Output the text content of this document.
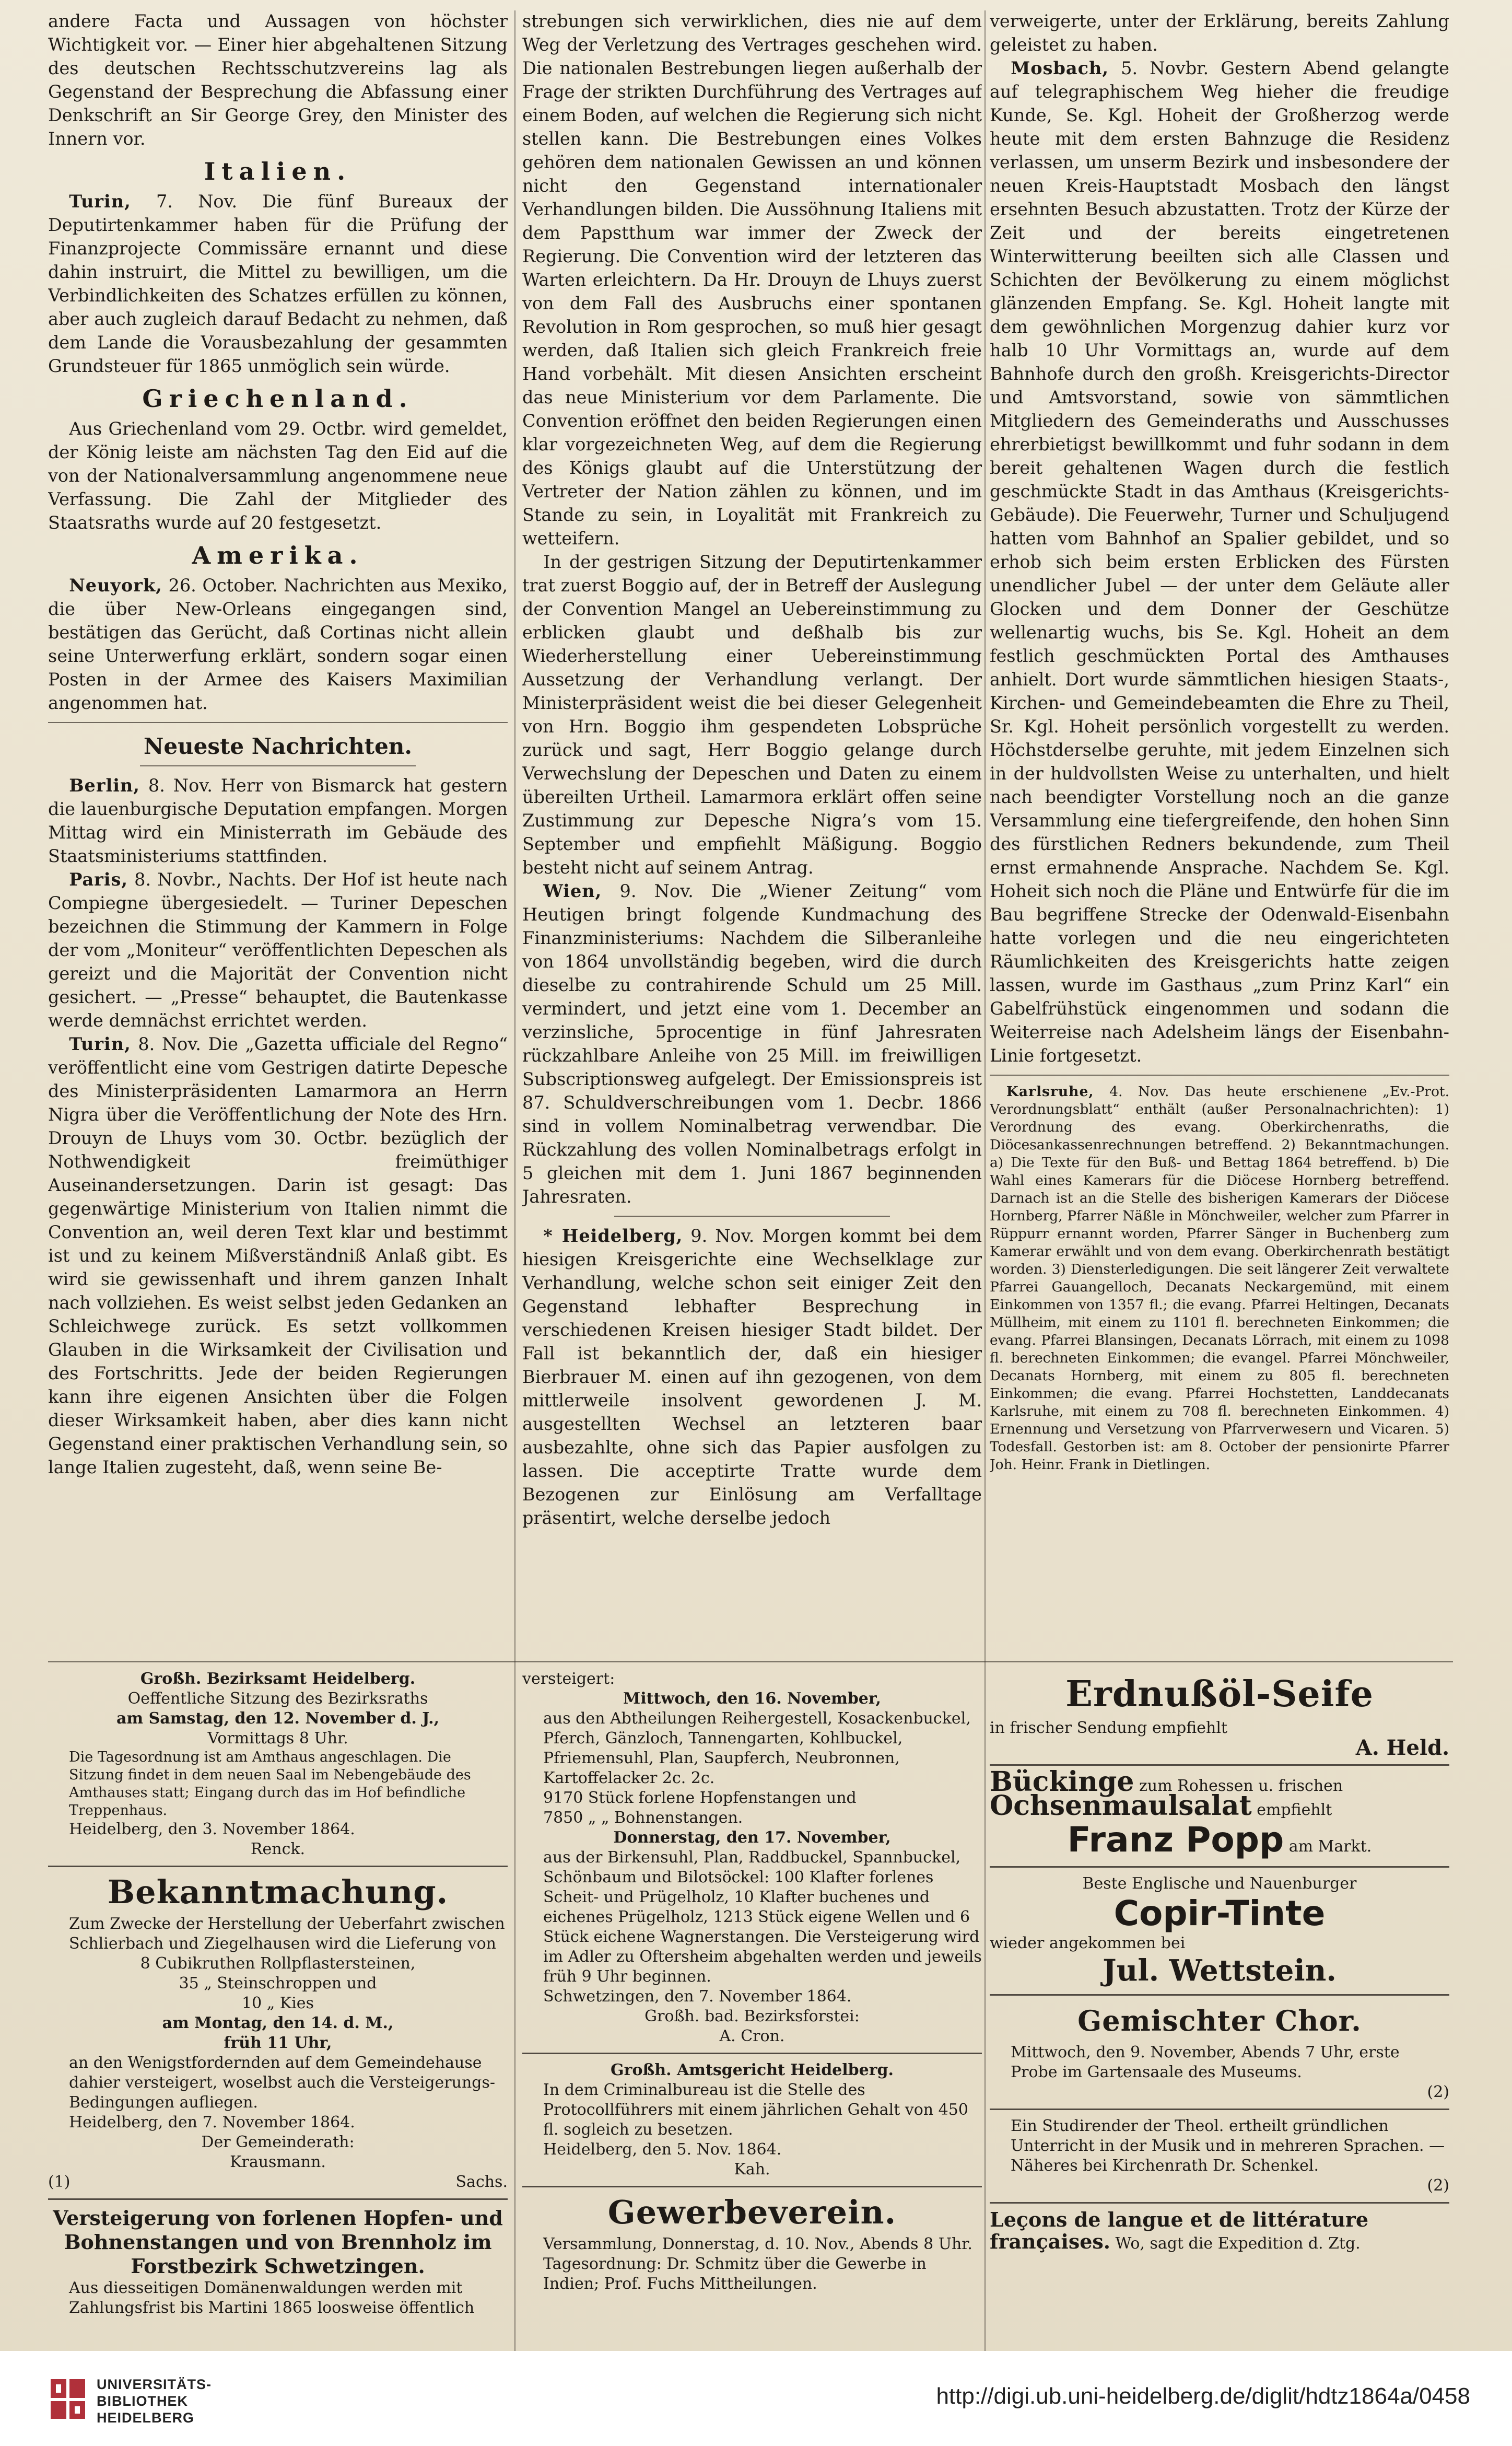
andere Facta und Aussagen von höchster Wichtigkeit vor. — Einer hier abgehaltenen Sitzung des deutschen Rechtsschutzvereins lag als Gegenstand der Besprechung die Abfassung einer Denkschrift an Sir George Grey, den Minister des Innern vor.

Italien.

Turin, 7. Nov. Die fünf Bureaux der Deputirtenkammer haben für die Prüfung der Finanzprojecte Commissäre ernannt und diese dahin instruirt, die Mittel zu bewilligen, um die Verbindlichkeiten des Schatzes erfüllen zu können, aber auch zugleich darauf Bedacht zu nehmen, daß dem Lande die Vorausbezahlung der gesammten Grundsteuer für 1865 unmöglich sein würde.

Griechenland.

Aus Griechenland vom 29. Octbr. wird gemeldet, der König leiste am nächsten Tag den Eid auf die von der Nationalversammlung angenommene neue Verfassung. Die Zahl der Mitglieder des Staatsraths wurde auf 20 festgesetzt.

Amerika.

Neuyork, 26. October. Nachrichten aus Mexiko, die über New-Orleans eingegangen sind, bestätigen das Gerücht, daß Cortinas nicht allein seine Unterwerfung erklärt, sondern sogar einen Posten in der Armee des Kaisers Maximilian angenommen hat.

Neueste Nachrichten.

Berlin, 8. Nov. Herr von Bismarck hat gestern die lauenburgische Deputation empfangen. Morgen Mittag wird ein Ministerrath im Gebäude des Staatsministeriums stattfinden.

Paris, 8. Novbr., Nachts. Der Hof ist heute nach Compiegne übergesiedelt. — Turiner Depeschen bezeichnen die Stimmung der Kammern in Folge der vom „Moniteur“ veröffentlichten Depeschen als gereizt und die Majorität der Convention nicht gesichert. — „Presse“ behauptet, die Bautenkasse werde demnächst errichtet werden.

Turin, 8. Nov. Die „Gazetta ufficiale del Regno“ veröffentlicht eine vom Gestrigen datirte Depesche des Ministerpräsidenten Lamarmora an Herrn Nigra über die Veröffentlichung der Note des Hrn. Drouyn de Lhuys vom 30. Octbr. bezüglich der Nothwendigkeit freimüthiger Auseinandersetzungen. Darin ist gesagt: Das gegenwärtige Ministerium von Italien nimmt die Convention an, weil deren Text klar und bestimmt ist und zu keinem Mißverständniß Anlaß gibt. Es wird sie gewissenhaft und ihrem ganzen Inhalt nach vollziehen. Es weist selbst jeden Gedanken an Schleichwege zurück. Es setzt vollkommen Glauben in die Wirksamkeit der Civilisation und des Fortschritts. Jede der beiden Regierungen kann ihre eigenen Ansichten über die Folgen dieser Wirksamkeit haben, aber dies kann nicht Gegenstand einer praktischen Verhandlung sein, so lange Italien zugesteht, daß, wenn seine Be-

strebungen sich verwirklichen, dies nie auf dem Weg der Verletzung des Vertrages geschehen wird. Die nationalen Bestrebungen liegen außerhalb der Frage der strikten Durchführung des Vertrages auf einem Boden, auf welchen die Regierung sich nicht stellen kann. Die Bestrebungen eines Volkes gehören dem nationalen Gewissen an und können nicht den Gegenstand internationaler Verhandlungen bilden. Die Aussöhnung Italiens mit dem Papstthum war immer der Zweck der Regierung. Die Convention wird der letzteren das Warten erleichtern. Da Hr. Drouyn de Lhuys zuerst von dem Fall des Ausbruchs einer spontanen Revolution in Rom gesprochen, so muß hier gesagt werden, daß Italien sich gleich Frankreich freie Hand vorbehält. Mit diesen Ansichten erscheint das neue Ministerium vor dem Parlamente. Die Convention eröffnet den beiden Regierungen einen klar vorgezeichneten Weg, auf dem die Regierung des Königs glaubt auf die Unterstützung der Vertreter der Nation zählen zu können, und im Stande zu sein, in Loyalität mit Frankreich zu wetteifern.

In der gestrigen Sitzung der Deputirtenkammer trat zuerst Boggio auf, der in Betreff der Auslegung der Convention Mangel an Uebereinstimmung zu erblicken glaubt und deßhalb bis zur Wiederherstellung einer Uebereinstimmung Aussetzung der Verhandlung verlangt. Der Ministerpräsident weist die bei dieser Gelegenheit von Hrn. Boggio ihm gespendeten Lobsprüche zurück und sagt, Herr Boggio gelange durch Verwechslung der Depeschen und Daten zu einem übereilten Urtheil. Lamarmora erklärt offen seine Zustimmung zur Depesche Nigra’s vom 15. September und empfiehlt Mäßigung. Boggio besteht nicht auf seinem Antrag.

Wien, 9. Nov. Die „Wiener Zeitung“ vom Heutigen bringt folgende Kundmachung des Finanzministeriums: Nachdem die Silberanleihe von 1864 unvollständig begeben, wird die durch dieselbe zu contrahirende Schuld um 25 Mill. vermindert, und jetzt eine vom 1. December an verzinsliche, 5procentige in fünf Jahresraten rückzahlbare Anleihe von 25 Mill. im freiwilligen Subscriptionsweg aufgelegt. Der Emissionspreis ist 87. Schuldverschreibungen vom 1. Decbr. 1866 sind in vollem Nominalbetrag verwendbar. Die Rückzahlung des vollen Nominalbetrags erfolgt in 5 gleichen mit dem 1. Juni 1867 beginnenden Jahresraten.

* Heidelberg, 9. Nov. Morgen kommt bei dem hiesigen Kreisgerichte eine Wechselklage zur Verhandlung, welche schon seit einiger Zeit den Gegenstand lebhafter Besprechung in verschiedenen Kreisen hiesiger Stadt bildet. Der Fall ist bekanntlich der, daß ein hiesiger Bierbrauer M. einen auf ihn gezogenen, von dem mittlerweile insolvent gewordenen J. M. ausgestellten Wechsel an letzteren baar ausbezahlte, ohne sich das Papier ausfolgen zu lassen. Die acceptirte Tratte wurde dem Bezogenen zur Einlösung am Verfalltage präsentirt, welche derselbe jedoch

verweigerte, unter der Erklärung, bereits Zahlung geleistet zu haben.

Mosbach, 5. Novbr. Gestern Abend gelangte auf telegraphischem Weg hieher die freudige Kunde, Se. Kgl. Hoheit der Großherzog werde heute mit dem ersten Bahnzuge die Residenz verlassen, um unserm Bezirk und insbesondere der neuen Kreis-Hauptstadt Mosbach den längst ersehnten Besuch abzustatten. Trotz der Kürze der Zeit und der bereits eingetretenen Winterwitterung beeilten sich alle Classen und Schichten der Bevölkerung zu einem möglichst glänzenden Empfang. Se. Kgl. Hoheit langte mit dem gewöhnlichen Morgenzug dahier kurz vor halb 10 Uhr Vormittags an, wurde auf dem Bahnhofe durch den großh. Kreisgerichts-Director und Amtsvorstand, sowie von sämmtlichen Mitgliedern des Gemeinderaths und Ausschusses ehrerbietigst bewillkommt und fuhr sodann in dem bereit gehaltenen Wagen durch die festlich geschmückte Stadt in das Amthaus (Kreisgerichts-Gebäude). Die Feuerwehr, Turner und Schuljugend hatten vom Bahnhof an Spalier gebildet, und so erhob sich beim ersten Erblicken des Fürsten unendlicher Jubel — der unter dem Geläute aller Glocken und dem Donner der Geschütze wellenartig wuchs, bis Se. Kgl. Hoheit an dem festlich geschmückten Portal des Amthauses anhielt. Dort wurde sämmtlichen hiesigen Staats-, Kirchen- und Gemeindebeamten die Ehre zu Theil, Sr. Kgl. Hoheit persönlich vorgestellt zu werden. Höchstderselbe geruhte, mit jedem Einzelnen sich in der huldvollsten Weise zu unterhalten, und hielt nach beendigter Vorstellung noch an die ganze Versammlung eine tiefergreifende, den hohen Sinn des fürstlichen Redners bekundende, zum Theil ernst ermahnende Ansprache. Nachdem Se. Kgl. Hoheit sich noch die Pläne und Entwürfe für die im Bau begriffene Strecke der Odenwald-Eisenbahn hatte vorlegen und die neu eingerichteten Räumlichkeiten des Kreisgerichts hatte zeigen lassen, wurde im Gasthaus „zum Prinz Karl“ ein Gabelfrühstück eingenommen und sodann die Weiterreise nach Adelsheim längs der Eisenbahn-Linie fortgesetzt.

Karlsruhe, 4. Nov. Das heute erschienene „Ev.-Prot. Verordnungsblatt“ enthält (außer Personalnachrichten): 1) Verordnung des evang. Oberkirchenraths, die Diöcesankassenrechnungen betreffend. 2) Bekanntmachungen. a) Die Texte für den Buß- und Bettag 1864 betreffend. b) Die Wahl eines Kamerars für die Diöcese Hornberg betreffend. Darnach ist an die Stelle des bisherigen Kamerars der Diöcese Hornberg, Pfarrer Näßle in Mönchweiler, welcher zum Pfarrer in Rüppurr ernannt worden, Pfarrer Sänger in Buchenberg zum Kamerar erwählt und von dem evang. Oberkirchenrath bestätigt worden. 3) Diensterledigungen. Die seit längerer Zeit verwaltete Pfarrei Gauangelloch, Decanats Neckargemünd, mit einem Einkommen von 1357 fl.; die evang. Pfarrei Heltingen, Decanats Müllheim, mit einem zu 1101 fl. berechneten Einkommen; die evang. Pfarrei Blansingen, Decanats Lörrach, mit einem zu 1098 fl. berechneten Einkommen; die evangel. Pfarrei Mönchweiler, Decanats Hornberg, mit einem zu 805 fl. berechneten Einkommen; die evang. Pfarrei Hochstetten, Landdecanats Karlsruhe, mit einem zu 708 fl. berechneten Einkommen. 4) Ernennung und Versetzung von Pfarrverwesern und Vicaren. 5) Todesfall. Gestorben ist: am 8. October der pensionirte Pfarrer Joh. Heinr. Frank in Dietlingen.

Großh. Bezirksamt Heidelberg.
Oeffentliche Sitzung des Bezirksraths
am Samstag, den 12. November d. J.,
Vormittags 8 Uhr.
Die Tagesordnung ist am Amthaus angeschlagen. Die Sitzung findet in dem neuen Saal im Nebengebäude des Amthauses statt; Eingang durch das im Hof befindliche Treppenhaus.
Heidelberg, den 3. November 1864.
Renck.
Bekanntmachung.
Zum Zwecke der Herstellung der Ueberfahrt zwischen Schlierbach und Ziegelhausen wird die Lieferung von
8 Cubikruthen Rollpflastersteinen,
35 „ Steinschroppen und
10 „ Kies
am Montag, den 14. d. M.,
früh 11 Uhr,
an den Wenigstfordernden auf dem Gemeindehause dahier versteigert, woselbst auch die Versteigerungs-Bedingungen aufliegen.
Heidelberg, den 7. November 1864.
Der Gemeinderath:
Krausmann.
(1)	Sachs.
Versteigerung von forlenen Hopfen- und Bohnenstangen und von Brennholz im Forstbezirk Schwetzingen.
Aus diesseitigen Domänenwaldungen werden mit Zahlungsfrist bis Martini 1865 loosweise öffentlich
versteigert:
Mittwoch, den 16. November,
aus den Abtheilungen Reihergestell, Kosackenbuckel, Pferch, Gänzloch, Tannengarten, Kohlbuckel, Pfriemensuhl, Plan, Saupferch, Neubronnen, Kartoffelacker 2c. 2c.
9170 Stück forlene Hopfenstangen und
7850 „ „ Bohnenstangen.
Donnerstag, den 17. November,
aus der Birkensuhl, Plan, Raddbuckel, Spannbuckel, Schönbaum und Bilotsöckel: 100 Klafter forlenes Scheit- und Prügelholz, 10 Klafter buchenes und eichenes Prügelholz, 1213 Stück eigene Wellen und 6 Stück eichene Wagnerstangen. Die Versteigerung wird im Adler zu Oftersheim abgehalten werden und jeweils früh 9 Uhr beginnen.
Schwetzingen, den 7. November 1864.
Großh. bad. Bezirksforstei:
A. Cron.
Großh. Amtsgericht Heidelberg.
In dem Criminalbureau ist die Stelle des Protocollführers mit einem jährlichen Gehalt von 450 fl. sogleich zu besetzen.
Heidelberg, den 5. Nov. 1864.
Kah.
Gewerbeverein.
Versammlung, Donnerstag, d. 10. Nov., Abends 8 Uhr. Tagesordnung: Dr. Schmitz über die Gewerbe in Indien; Prof. Fuchs Mittheilungen.
Erdnußöl-Seife
in frischer Sendung empfiehlt
A. Held.
Bückinge zum Rohessen u. frischen
Ochsenmaulsalat empfiehlt
Franz Popp am Markt.
Beste Englische und Nauenburger
Copir-Tinte
wieder angekommen bei
Jul. Wettstein.
Gemischter Chor.
Mittwoch, den 9. November, Abends 7 Uhr, erste Probe im Gartensaale des Museums.
(2)
Ein Studirender der Theol. ertheilt gründlichen Unterricht in der Musik und in mehreren Sprachen. — Näheres bei Kirchenrath Dr. Schenkel.
(2)
Leçons de langue et de littérature françaises. Wo, sagt die Expedition d. Ztg.
UNIVERSITÄTS-
BIBLIOTHEK
HEIDELBERG
http://digi.ub.uni-heidelberg.de/diglit/hdtz1864a/0458
